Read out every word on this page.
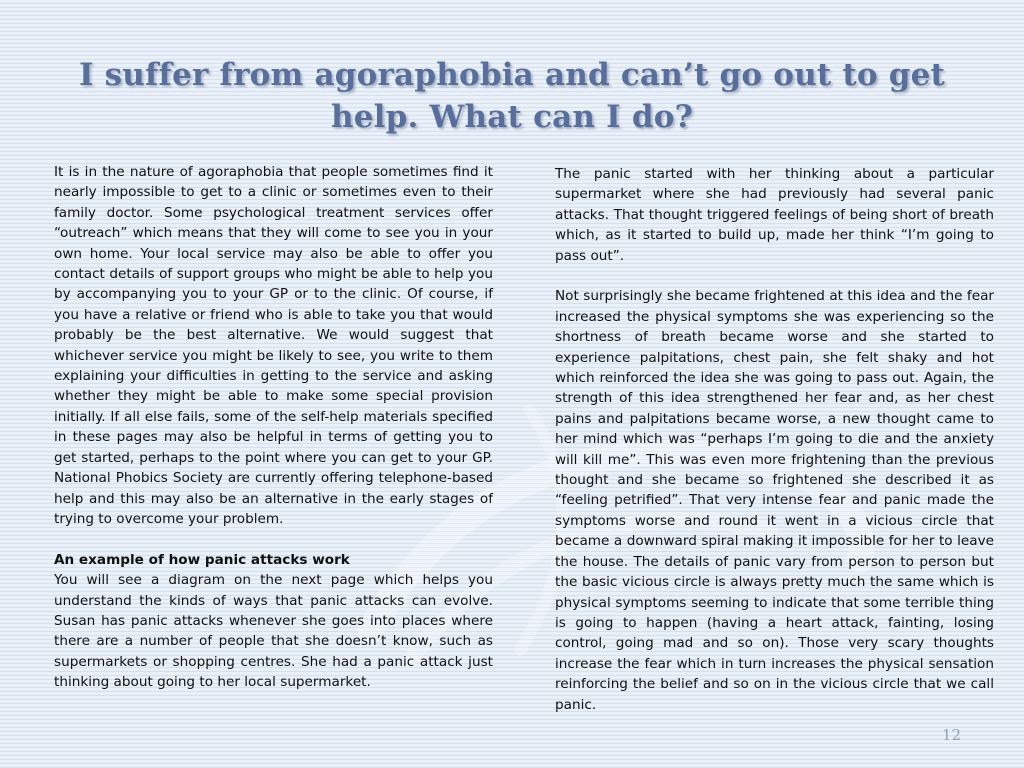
I suffer from agoraphobia and can’t go out to get
help. What can I do?

It is in the nature of agoraphobia that people sometimes find it nearly impossible to get to a clinic or sometimes even to their family doctor. Some psychological treatment services offer “outreach” which means that they will come to see you in your own home. Your local service may also be able to offer you contact details of support groups who might be able to help you by accompanying you to your GP or to the clinic. Of course, if you have a relative or friend who is able to take you that would probably be the best alternative. We would suggest that whichever service you might be likely to see, you write to them explaining your difficulties in getting to the service and asking whether they might be able to make some special provision initially. If all else fails, some of the self-help materials specified in these pages may also be helpful in terms of getting you to get started, perhaps to the point where you can get to your GP. National Phobics Society are currently offering telephone-based help and this may also be an alternative in the early stages of trying to overcome your problem.

An example of how panic attacks work

You will see a diagram on the next page which helps you understand the kinds of ways that panic attacks can evolve. Susan has panic attacks whenever she goes into places where there are a number of people that she doesn’t know, such as supermarkets or shopping centres. She had a panic attack just thinking about going to her local supermarket.

The panic started with her thinking about a particular supermarket where she had previously had several panic attacks. That thought triggered feelings of being short of breath which, as it started to build up, made her think “I’m going to pass out”.

Not surprisingly she became frightened at this idea and the fear increased the physical symptoms she was experiencing so the shortness of breath became worse and she started to experience palpitations, chest pain, she felt shaky and hot which reinforced the idea she was going to pass out. Again, the strength of this idea strengthened her fear and, as her chest pains and palpitations became worse, a new thought came to her mind which was “perhaps I’m going to die and the anxiety will kill me”. This was even more frightening than the previous thought and she became so frightened she described it as “feeling petrified”. That very intense fear and panic made the symptoms worse and round it went in a vicious circle that became a downward spiral making it impossible for her to leave the house. The details of panic vary from person to person but the basic vicious circle is always pretty much the same which is physical symptoms seeming to indicate that some terrible thing is going to happen (having a heart attack, fainting, losing control, going mad and so on). Those very scary thoughts increase the fear which in turn increases the physical sensation reinforcing the belief and so on in the vicious circle that we call panic.

12
